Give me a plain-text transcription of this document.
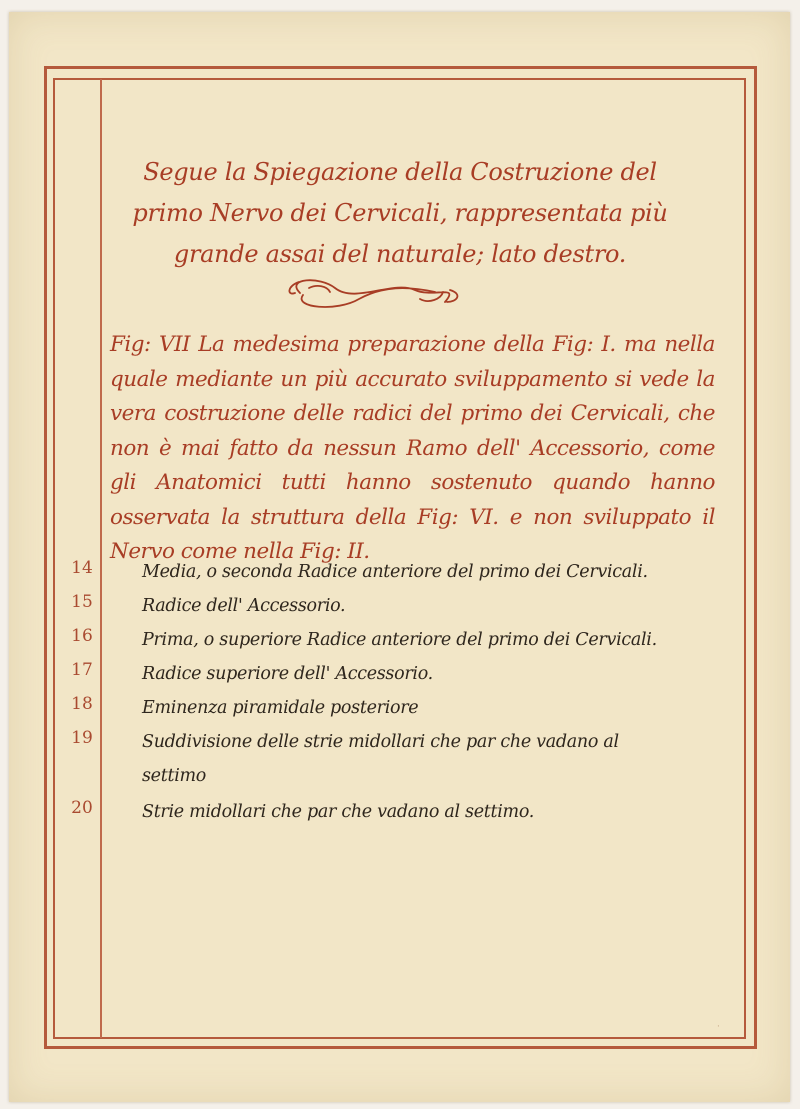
Segue la Spiegazione della Costruzione del primo Nervo dei Cervicali, rappresentata più grande assai del naturale; lato destro.
Fig: VII La medesima preparazione della Fig: I. ma nella quale mediante un più accurato sviluppamento si vede la vera costruzione delle radici del primo dei Cervicali, che non è mai fatto da nessun Ramo dell' Accessorio, come gli Anatomici tutti hanno sostenuto quando hanno osservata la struttura della Fig: VI. e non sviluppato il Nervo come nella Fig: II.
14	Media, o seconda Radice anteriore del primo dei Cervicali.
15	Radice dell' Accessorio.
16	Prima, o superiore Radice anteriore del primo dei Cervicali.
17	Radice superiore dell' Accessorio.
18	Eminenza piramidale posteriore
19	Suddivisione delle strie midollari che par che vadano al settimo
20	Strie midollari che par che vadano al settimo.
·
